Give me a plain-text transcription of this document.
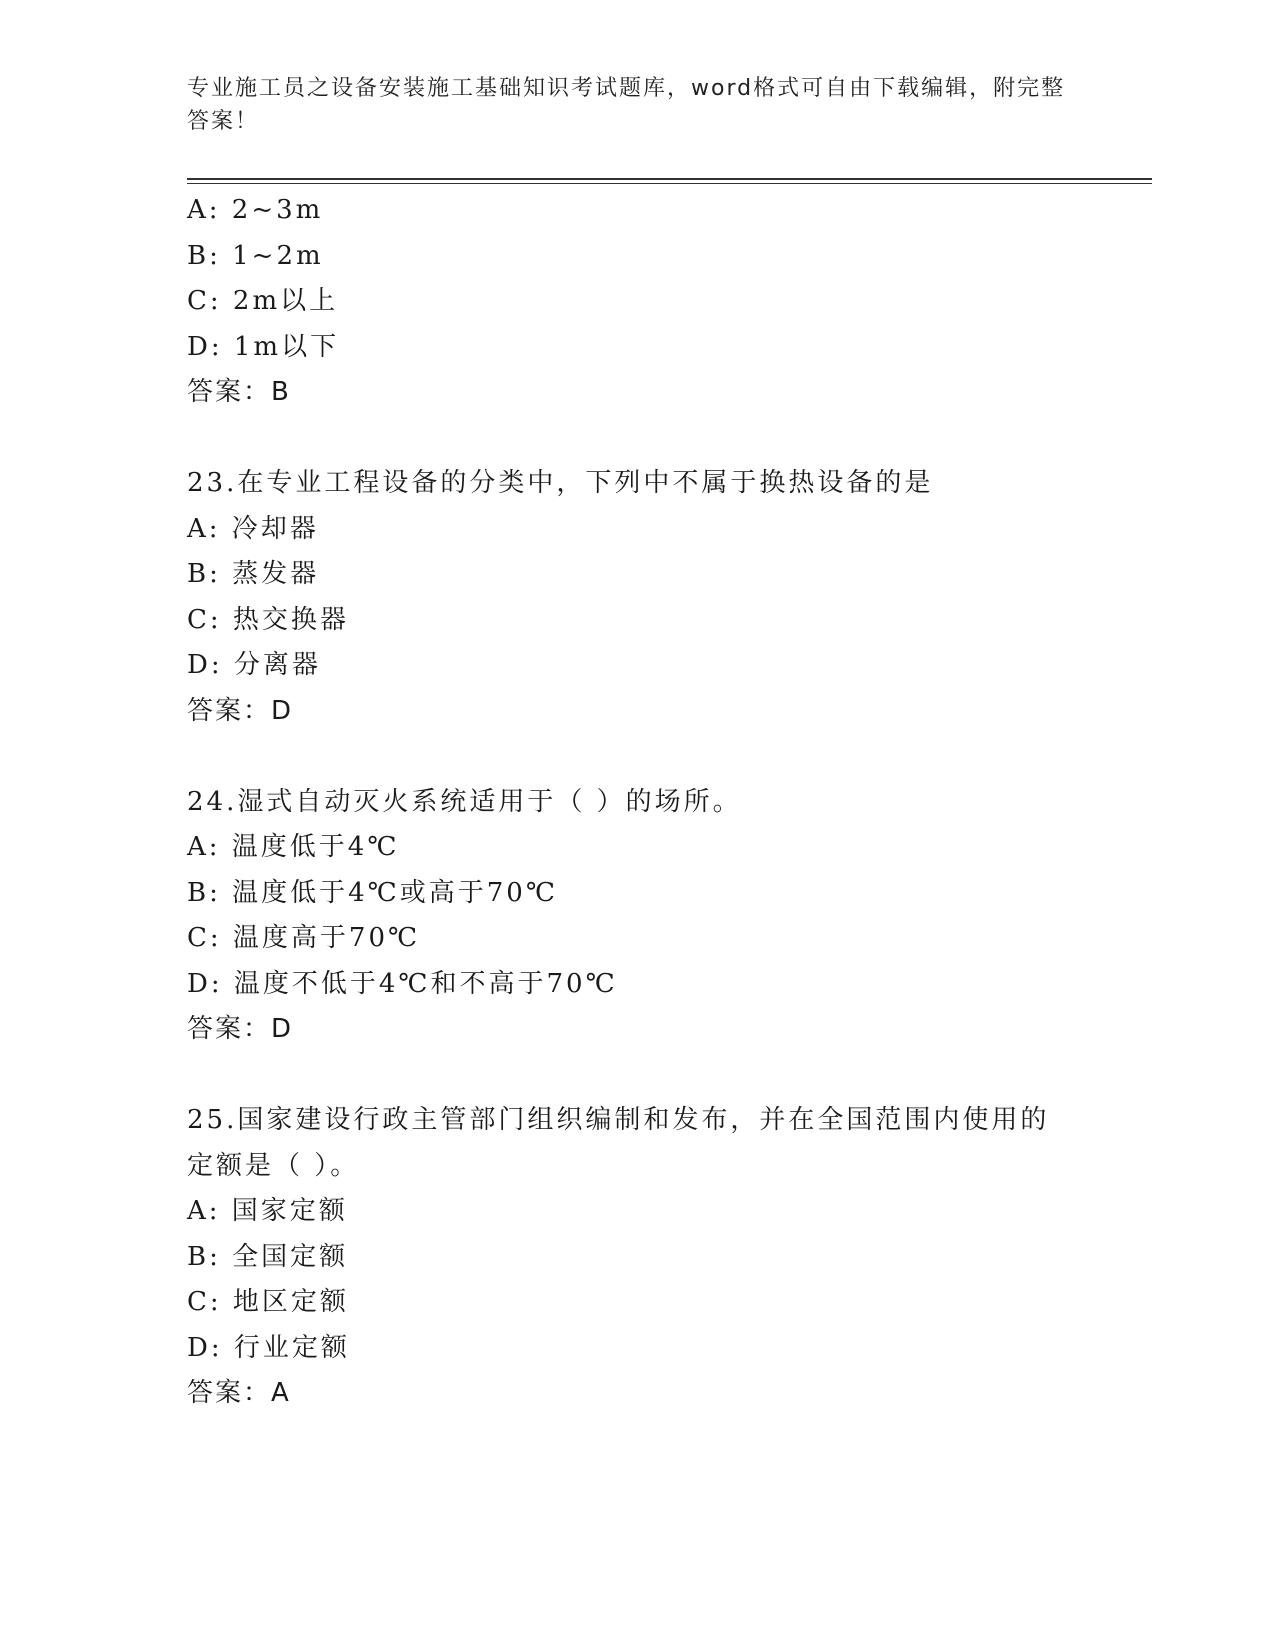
专业施工员之设备安装施工基础知识考试题库，word格式可自由下载编辑，附完整答案！
A: 2~3m
B: 1~2m
C: 2m以上
D: 1m以下
答案：B
23.在专业工程设备的分类中，下列中不属于换热设备的是
A: 冷却器
B: 蒸发器
C: 热交换器
D: 分离器
答案：D
24.湿式自动灭火系统适用于（ ）的场所。
A: 温度低于4℃
B: 温度低于4℃或高于70℃
C: 温度高于70℃
D: 温度不低于4℃和不高于70℃
答案：D
25.国家建设行政主管部门组织编制和发布，并在全国范围内使用的定额是（ ）。
A: 国家定额
B: 全国定额
C: 地区定额
D: 行业定额
答案：A
